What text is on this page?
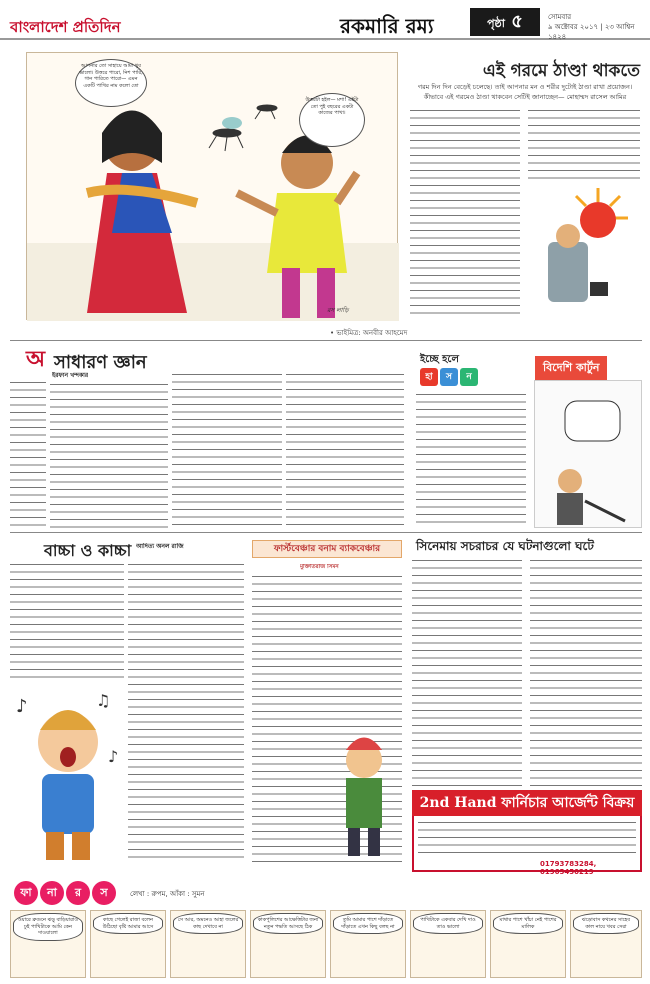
বাংলাদেশ প্রতিদিন	রকমারি রম্য	পৃষ্ঠা ৫	সোমবার
৯ অক্টোবর ২০১৭ | ২৩ আশ্বিন ১৪২৪
আপনার তো সাহায়ে আমা খুব ভালো। উত্তরে পারো, নিশ পারি, গান পারিতে পারো— এমন একটি পাখির নাম কলো তো
উত্তরটা হইল— মশা! এইটা তো পুই বছরের একটা কাজের পাখা।
রস লাড়ি
• ভাইমিত্র: অনবীর আহমেদ
এই গরমে ঠাণ্ডা থাকতে
গরম দিন দিন বেড়েই চলেছে। তাই আপনার মন ও শরীর দুটোই ঠাণ্ডা রাখা প্রয়োজন। কীভাবে এই গরমেও ঠাণ্ডা থাকবেন সেটিই জানাচ্ছেন— মোহাম্মদ রাসেল আমির
অ সাধারণ জ্ঞান
ইরফান খন্দকার
ইচ্ছে হলে
হা	স	ন
বিদেশি কার্টুন
বাচ্চা ও কাচ্চা আদিত্য অনল রাজি
♪	♫
♪
ফার্স্টবেঞ্চার বনাম ব্যাকবেঞ্চার
মুক্তিতিরাজ সিমন
সিনেমায় সচরাচর যে ঘটনাগুলো ঘটে
2nd Hand ফার্নিচার আর্জেন্ট বিক্রয়
01793783284, 01965450219
ফা	না	র	স	লেখা : রুপম, আঁকা : সুমন
ওয়ারে ব্রুগুনে ঝড়ু বাড়িয়ারাও ঢুই পাখিটাকে আমি কেন দাওয়ালো
কাছে গেলেই রাজা বলেন উঠিছো বৃষ্টি আমার আসে
সে আর, অমনেও আহা জলের কাছ দেখাবে না
কাকপুলিশের আক্ষেত্তিটার জন্য নতুন পদ্ধতি আসছে ঠিক
তুমি আমার পাশে দাঁড়াতে দাঁড়াতে এখন কিছু বলছ না
পাখিটাকে একবার দেখি দাও তাও ভালো
মাথার পাশে খাঁচা নেই পাশের মালিক
ঝড়োবাস কথনের সাহেব কাল নায়ে খবর সেরা
